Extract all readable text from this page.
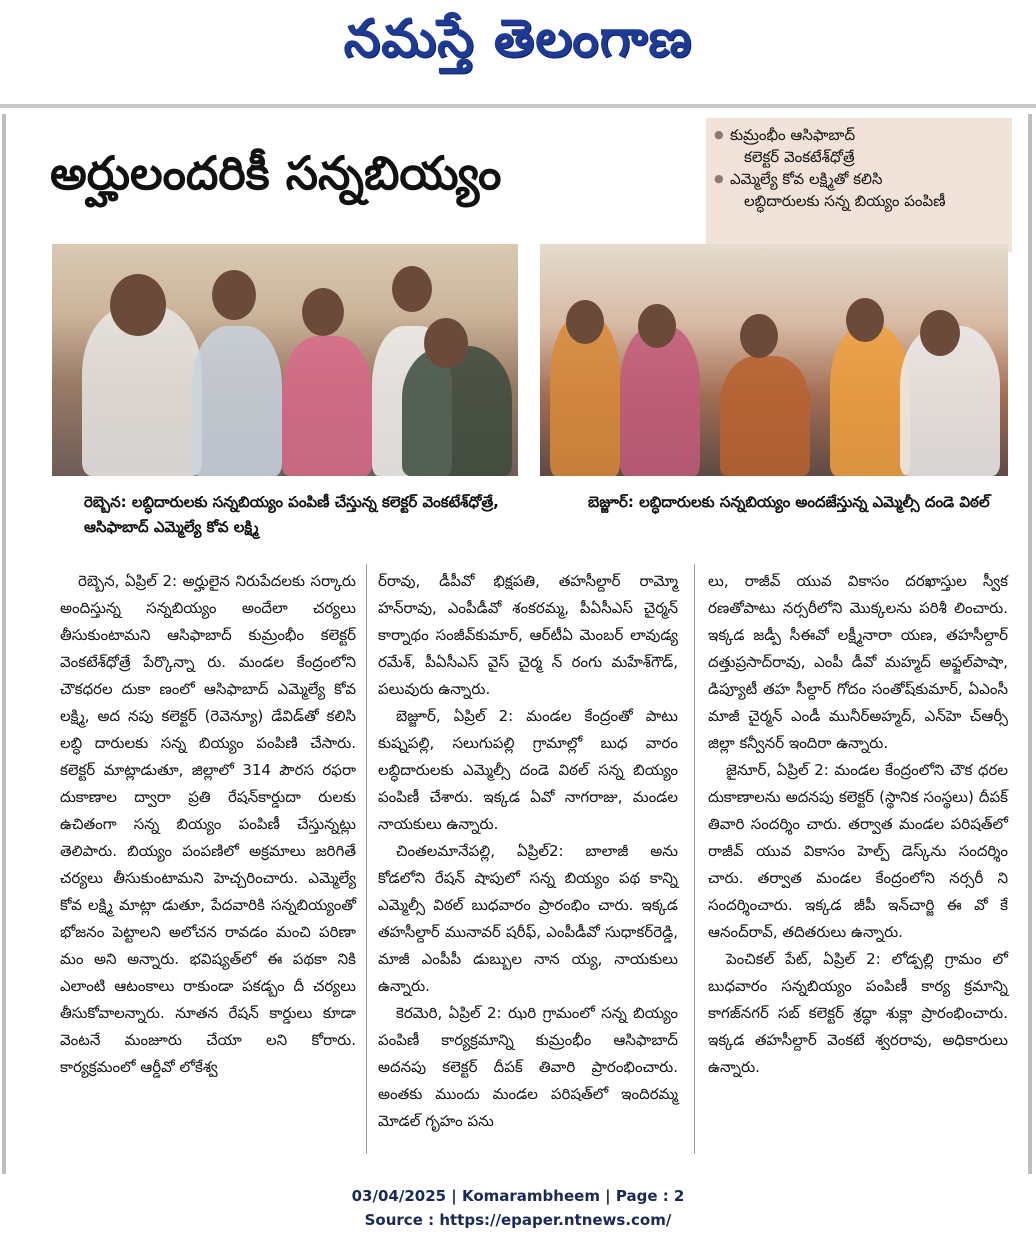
నమస్తే తెలంగాణ
అర్హులందరికీ సన్నబియ్యం
● కుమ్రంభీం ఆసిఫాబాద్
కలెక్టర్ వెంకటేశ్‌ధోత్రే
● ఎమ్మెల్యే కోవ లక్ష్మితో కలిసి
లబ్ధిదారులకు సన్న బియ్యం పంపిణీ
రెబ్బెన: లబ్ధిదారులకు సన్నబియ్యం పంపిణీ చేస్తున్న కలెక్టర్ వెంకటేశ్‌ధోత్రే, ఆసిఫాబాద్ ఎమ్మెల్యే కోవ లక్ష్మి
బెజ్జూర్: లబ్ధిదారులకు సన్నబియ్యం అందజేస్తున్న ఎమ్మెల్సీ దండె విఠల్

రెబ్బెన, ఏప్రిల్ 2: అర్హులైన నిరుపేదలకు సర్కారు అందిస్తున్న సన్నబియ్యం అందేలా చర్యలు తీసుకుంటామని ఆసిఫాబాద్ కుమ్రంభీం కలెక్టర్ వెంకటేశ్‌ధోత్రే పేర్కొన్నా రు. మండల కేంద్రంలోని చౌకధరల దుకా ణంలో ఆసిఫాబాద్ ఎమ్మెల్యే కోవ లక్ష్మి, అద నపు కలెక్టర్ (రెవెన్యూ) డేవిడ్‌తో కలిసి లబ్ధి దారులకు సన్న బియ్యం పంపిణి చేసారు. కలెక్టర్ మాట్లాడుతూ, జిల్లాలో 314 పౌరస రఫరా దుకాణాల ద్వారా ప్రతి రేషన్‌కార్డుదా రులకు ఉచితంగా సన్న బియ్యం పంపిణీ చేస్తున్నట్లు తెలిపారు. బియ్యం పంపణిలో అక్రమాలు జరిగితే చర్యలు తీసుకుంటామని హెచ్చరించారు. ఎమ్మెల్యే కోవ లక్ష్మి మాట్లా డుతూ, పేదవారికి సన్నబియ్యంతో భోజనం పెట్టాలని అలోచన రావడం మంచి పరిణా మం అని అన్నారు. భవిష్యత్‌లో ఈ పథకా నికి ఎలాంటి ఆటంకాలు రాకుండా పకడ్బం దీ చర్యలు తీసుకోవాలన్నారు. నూతన రేషన్ కార్డులు కూడా వెంటనే మంజూరు చేయా లని కోరారు. కార్యక్రమంలో ఆర్డీవో లోకేశ్వ

ర్‌రావు, డీపీవో భిక్షపతి, తహసీల్దార్ రామ్మో హన్‌రావు, ఎంపీడీవో శంకరమ్మ, పీఏసీఎస్ చైర్మన్ కార్నాథం సంజీవ్‌కుమార్, ఆర్‌టీఏ మెంబర్ లావుడ్య రమేశ్, పీఏసీఎస్ వైస్ చైర్మ న్ రంగు మహేశ్‌గౌడ్, పలువురు ఉన్నారు.

బెజ్జూర్, ఏప్రిల్ 2: మండల కేంద్రంతో పాటు కుష్నపల్లి, సలుగుపల్లి గ్రామాల్లో బుధ వారం లబ్ధిదారులకు ఎమ్మెల్సీ దండె విఠల్ సన్న బియ్యం పంపిణీ చేశారు. ఇక్కడ ఏవో నాగరాజు, మండల నాయకులు ఉన్నారు.

చింతలమానేపల్లి, ఏప్రిల్2: బాలాజీ అను కోడలోని రేషన్ షాపులో సన్న బియ్యం పథ కాన్ని ఎమ్మెల్సీ విఠల్ బుధవారం ప్రారంభిం చారు. ఇక్కడ తహసీల్దార్ మునావర్ షరీఫ్, ఎంపీడీవో సుధాకర్‌రెడ్డి, మాజీ ఎంపీపీ డుబ్బుల నాన య్య, నాయకులు ఉన్నారు.

కెరమెరి, ఏప్రిల్ 2: ఝరి గ్రామంలో సన్న బియ్యం పంపిణీ కార్యక్రమాన్ని కుమ్రంభీం ఆసిఫాబాద్ అదనపు కలెక్టర్ దీపక్ తివారి ప్రారంభించారు. అంతకు ముందు మండల పరిషత్‌లో ఇందిరమ్మ మోడల్ గృహం పను

లు, రాజీవ్ యువ వికాసం దరఖాస్తుల స్వీక రణతోపాటు నర్సరీలోని మొక్కలను పరిశీ లించారు. ఇక్కడ జడ్పీ సీఈవో లక్ష్మీనారా యణ, తహసీల్దార్ దత్తుప్రసాద్‌రావు, ఎంపీ డీవో మహ్మద్ అఫ్జల్‌పాషా, డిప్యూటీ తహ సీల్దార్ గోదం సంతోష్‌కుమార్, ఏఎంసీ మాజీ చైర్మన్ ఎండీ మునీర్‌అహ్మద్, ఎన్‌హె చ్‌ఆర్సీ జిల్లా కన్వీనర్ ఇందిరా ఉన్నారు.

జైనూర్, ఏప్రిల్ 2: మండల కేంద్రంలోని చౌక ధరల దుకాణాలను అదనపు కలెక్టర్ (స్థానిక సంస్థలు) దీపక్ తివారి సందర్శిం చారు. తర్వాత మండల పరిషత్‌లో రాజీవ్ యువ వికాసం హెల్ప్ డెస్క్‌ను సందర్శిం చారు. తర్వాత మండల కేంద్రంలోని నర్సరీ ని సందర్శించారు. ఇక్కడ జీపీ ఇన్‌చార్జి ఈ వో కే ఆనంద్‌రావ్, తదితరులు ఉన్నారు.

పెంచికల్ పేట్, ఏప్రిల్ 2: లోడ్పల్లి గ్రామం లో బుధవారం సన్నబియ్యం పంపిణీ కార్య క్రమాన్ని కాగజ్‌నగర్ సబ్ కలెక్టర్ శ్రద్ధా శుక్లా ప్రారంభించారు. ఇక్కడ తహసీల్దార్ వెంకటే శ్వరరావు, అధికారులు ఉన్నారు.

03/04/2025 | Komarambheem | Page : 2
Source : https://epaper.ntnews.com/
